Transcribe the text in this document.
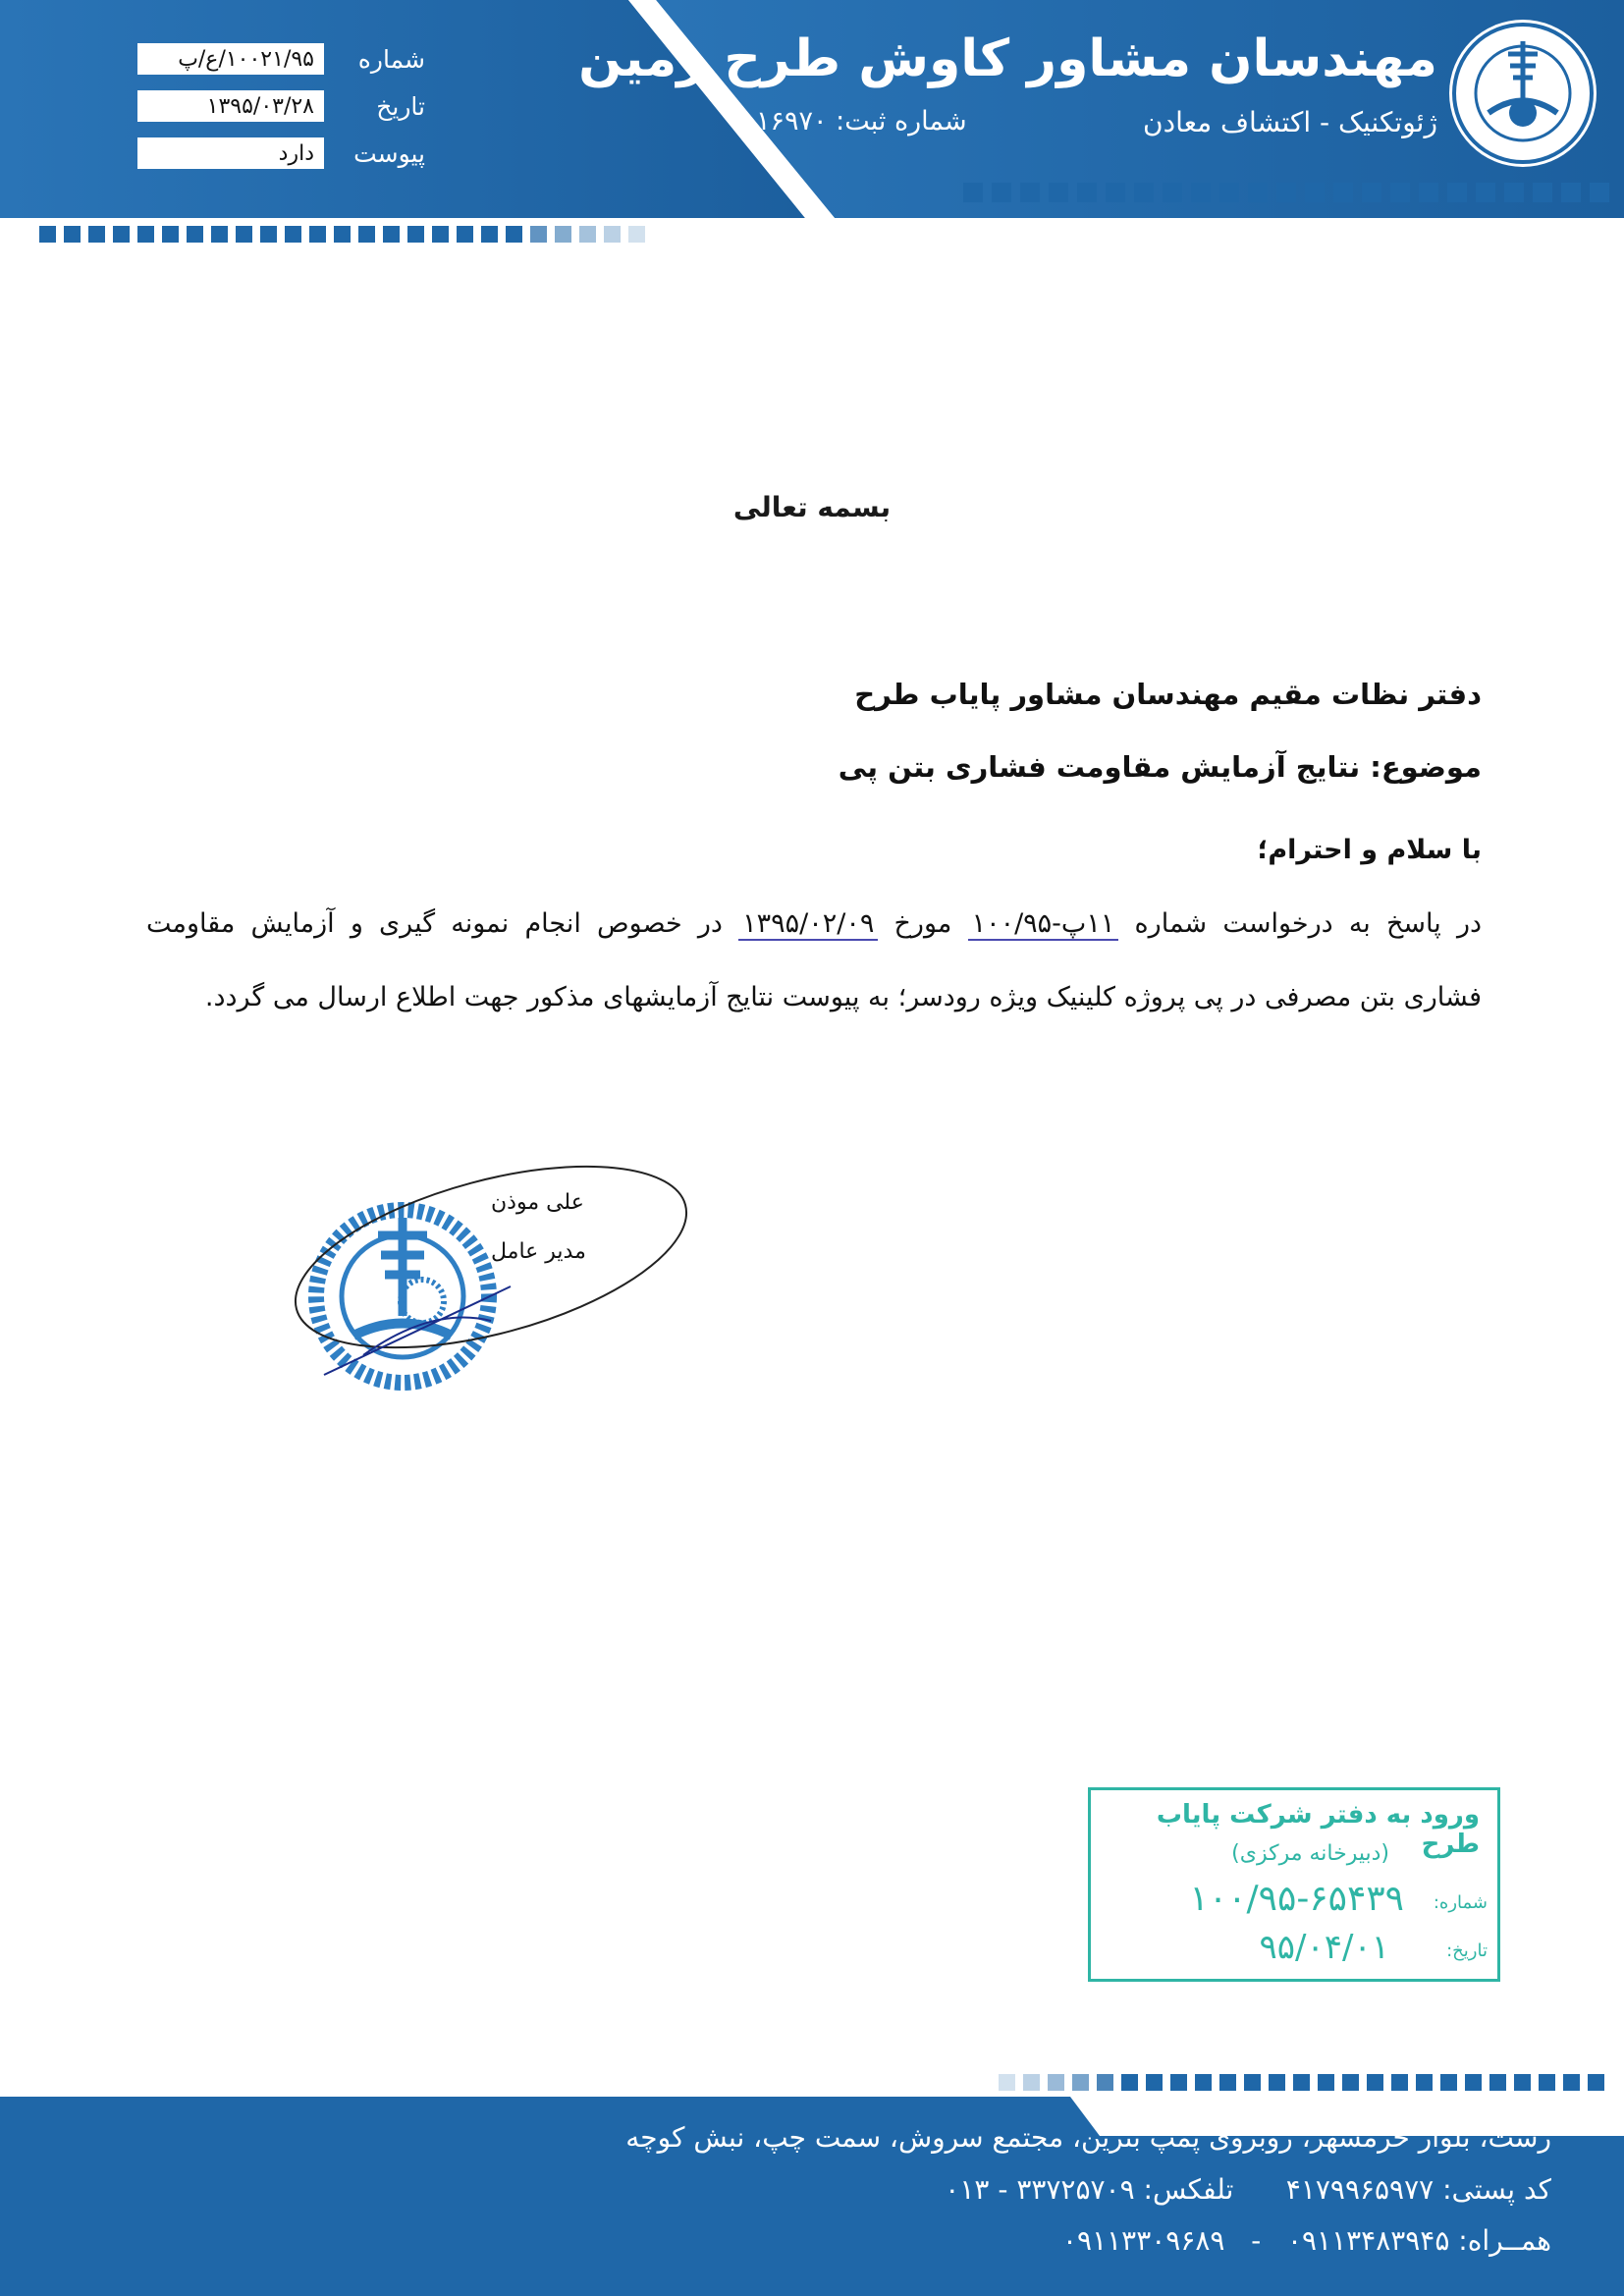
شماره
۱۰۰۲۱/۹۵/ع/پ
تاریخ
۱۳۹۵/۰۳/۲۸
پیوست
دارد
مهندسان مشاور کاوش طرح زمین
ژئوتکنیک - اکتشاف معادن
شماره ثبت: ۱۶۹۷۰
بسمه تعالی
دفتر نظات مقیم مهندسان مشاور پایاب طرح
موضوع: نتایج آزمایش مقاومت فشاری بتن پی
با سلام و احترام؛
در پاسخ به درخواست شماره ۱۱پ-۱۰۰/۹۵ مورخ ۱۳۹۵/۰۲/۰۹ در خصوص انجام نمونه گیری و آزمایش مقاومت
فشاری بتن مصرفی در پی پروژه کلینیک ویژه رودسر؛ به پیوست نتایج آزمایشهای مذکور جهت اطلاع ارسال می گردد.
علی موذن
مدیر عامل
ورود به دفتر شرکت پایاب طرح
(دبیرخانه مرکزی)
شماره:
۱۰۰/۹۵-۶۵۴۳۹
تاریخ:
۹۵/۰۴/۰۱
رشت، بلوار خرمشهر، روبروی پمپ بنزین، مجتمع سروش، سمت چپ، نبش کوچه
کد پستی: ۴۱۷۹۹۶۵۹۷۷      تلفکس: ۰۱۳ - ۳۳۷۲۵۷۰۹
همــراه: ۰۹۱۱۳۳۰۹۶۸۹   -   ۰۹۱۱۳۴۸۳۹۴۵
